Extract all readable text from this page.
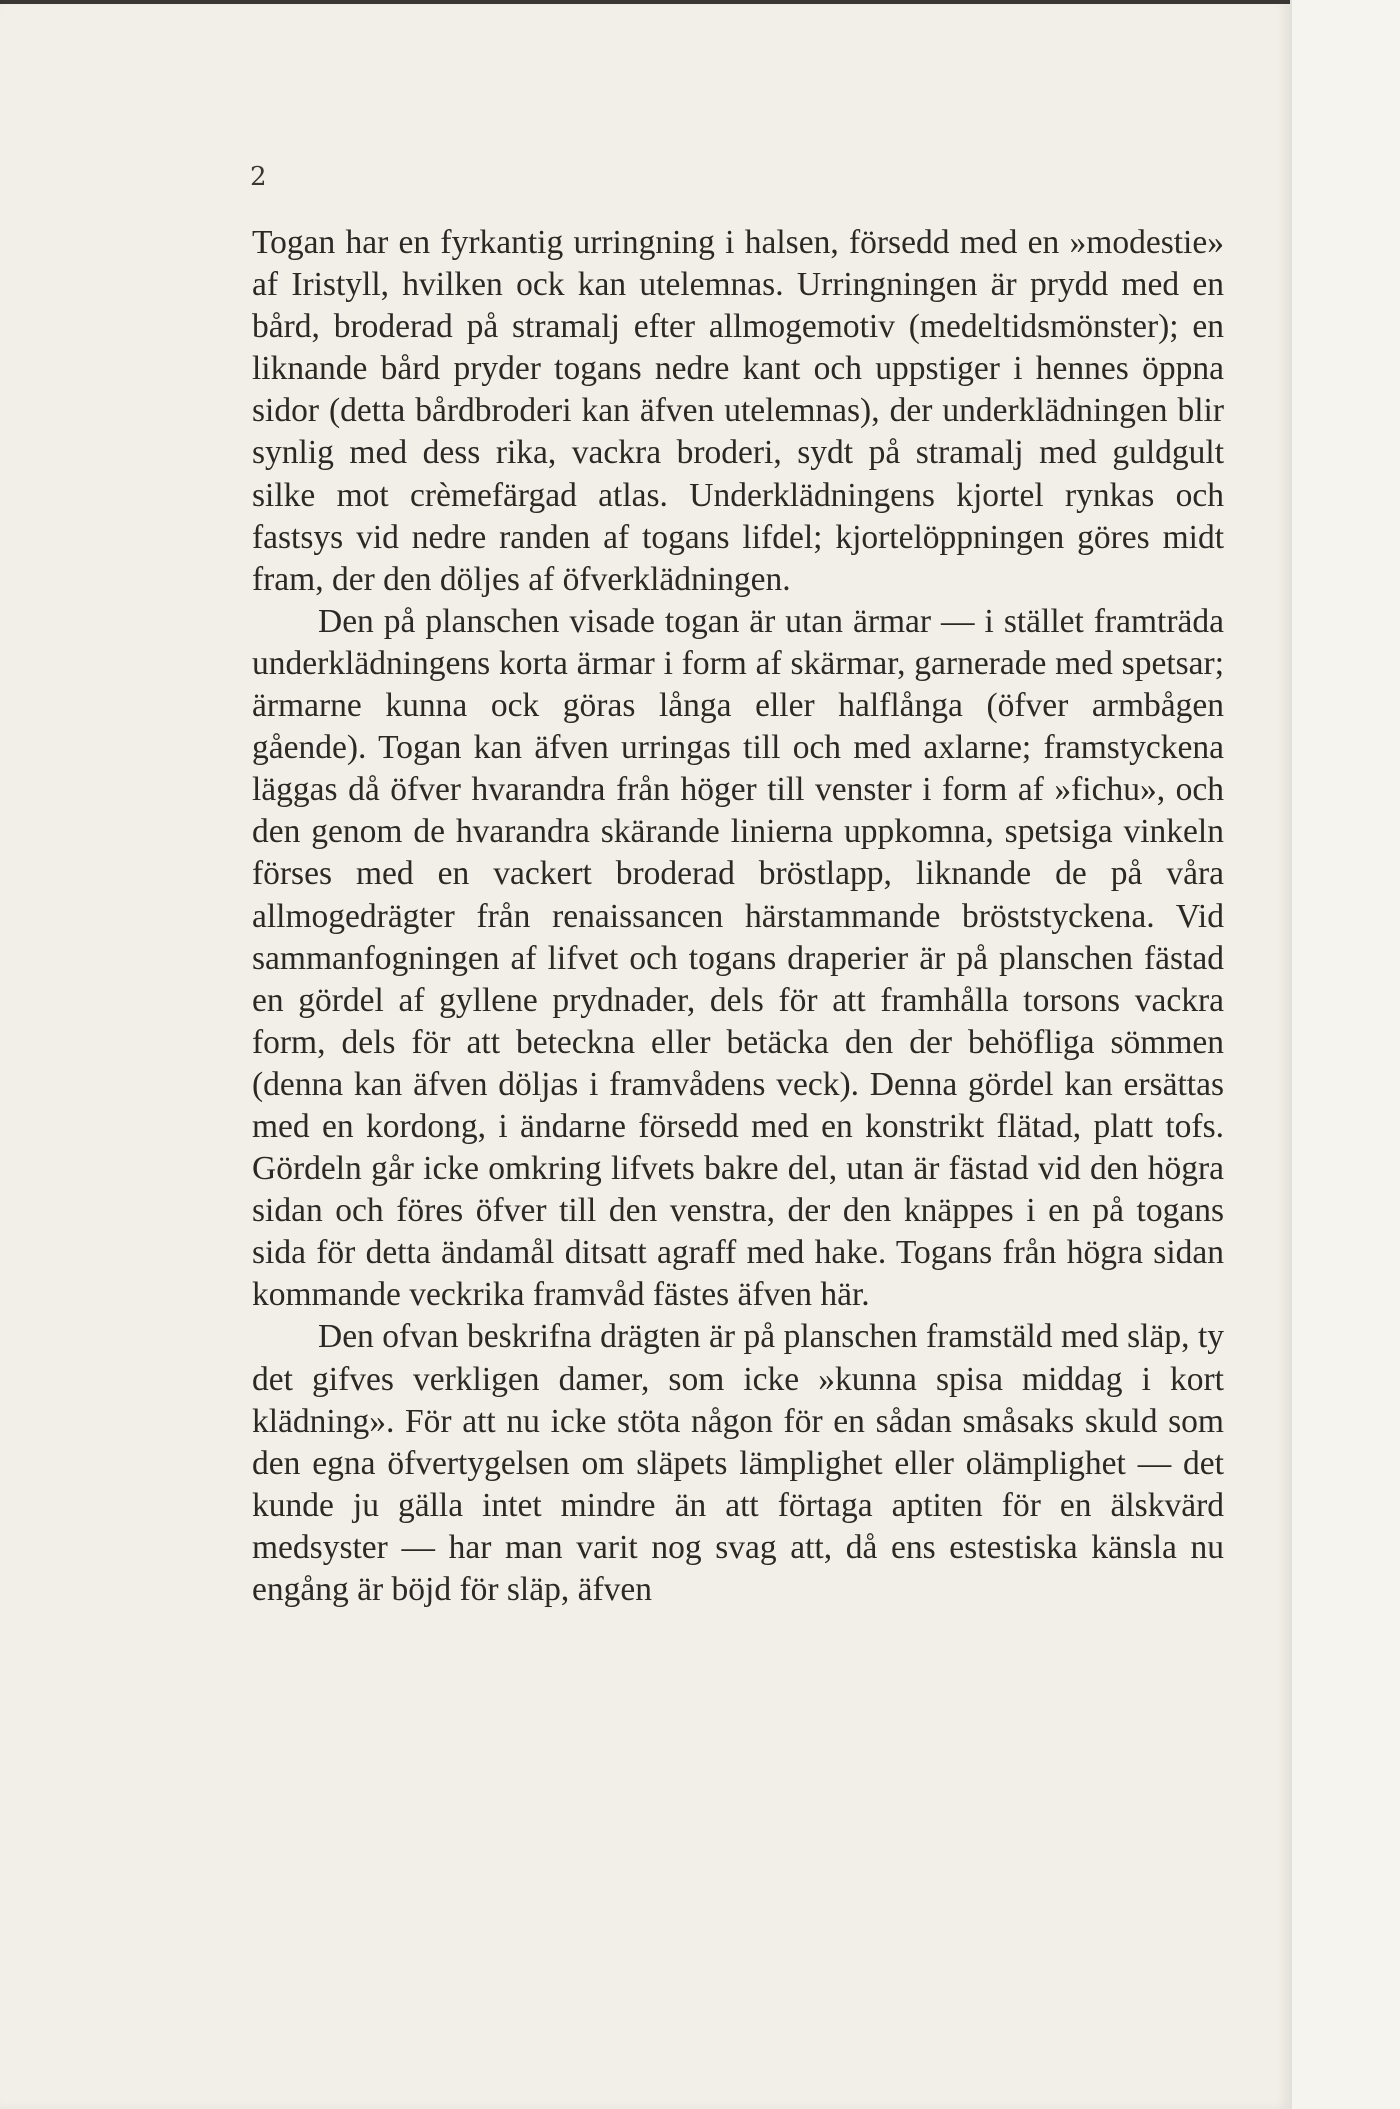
2

Togan har en fyrkantig urringning i halsen, försedd med en »modestie» af Iristyll, hvilken ock kan utelemnas. Urringningen är prydd med en bård, broderad på stramalj efter allmogemotiv (medeltidsmönster); en liknande bård pryder togans nedre kant och uppstiger i hennes öppna sidor (detta bårdbroderi kan äfven utelemnas), der underklädningen blir synlig med dess rika, vackra broderi, sydt på stramalj med guldgult silke mot crèmefärgad atlas. Underklädningens kjortel rynkas och fastsys vid nedre randen af togans lifdel; kjortelöppningen göres midt fram, der den döljes af öfverklädningen.

Den på planschen visade togan är utan ärmar — i stället framträda underklädningens korta ärmar i form af skärmar, garnerade med spetsar; ärmarne kunna ock göras långa eller halflånga (öfver armbågen gående). Togan kan äfven urringas till och med axlarne; framstyckena läggas då öfver hvarandra från höger till venster i form af »fichu», och den genom de hvarandra skärande linierna uppkomna, spetsiga vinkeln förses med en vackert broderad bröstlapp, liknande de på våra allmogedrägter från renaissancen härstammande bröststyckena. Vid sammanfogningen af lifvet och togans draperier är på planschen fästad en gördel af gyllene prydnader, dels för att framhålla torsons vackra form, dels för att beteckna eller betäcka den der behöfliga sömmen (denna kan äfven döljas i framvådens veck). Denna gördel kan ersättas med en kordong, i ändarne försedd med en konstrikt flätad, platt tofs. Gördeln går icke omkring lifvets bakre del, utan är fästad vid den högra sidan och föres öfver till den venstra, der den knäppes i en på togans sida för detta ändamål ditsatt agraff med hake. Togans från högra sidan kommande veckrika framvåd fästes äfven här.

Den ofvan beskrifna drägten är på planschen framstäld med släp, ty det gifves verkligen damer, som icke »kunna spisa middag i kort klädning». För att nu icke stöta någon för en sådan småsaks skuld som den egna öfvertygelsen om släpets lämplighet eller olämplighet — det kunde ju gälla intet mindre än att förtaga aptiten för en älskvärd medsyster — har man varit nog svag att, då ens estestiska känsla nu engång är böjd för släp, äfven
